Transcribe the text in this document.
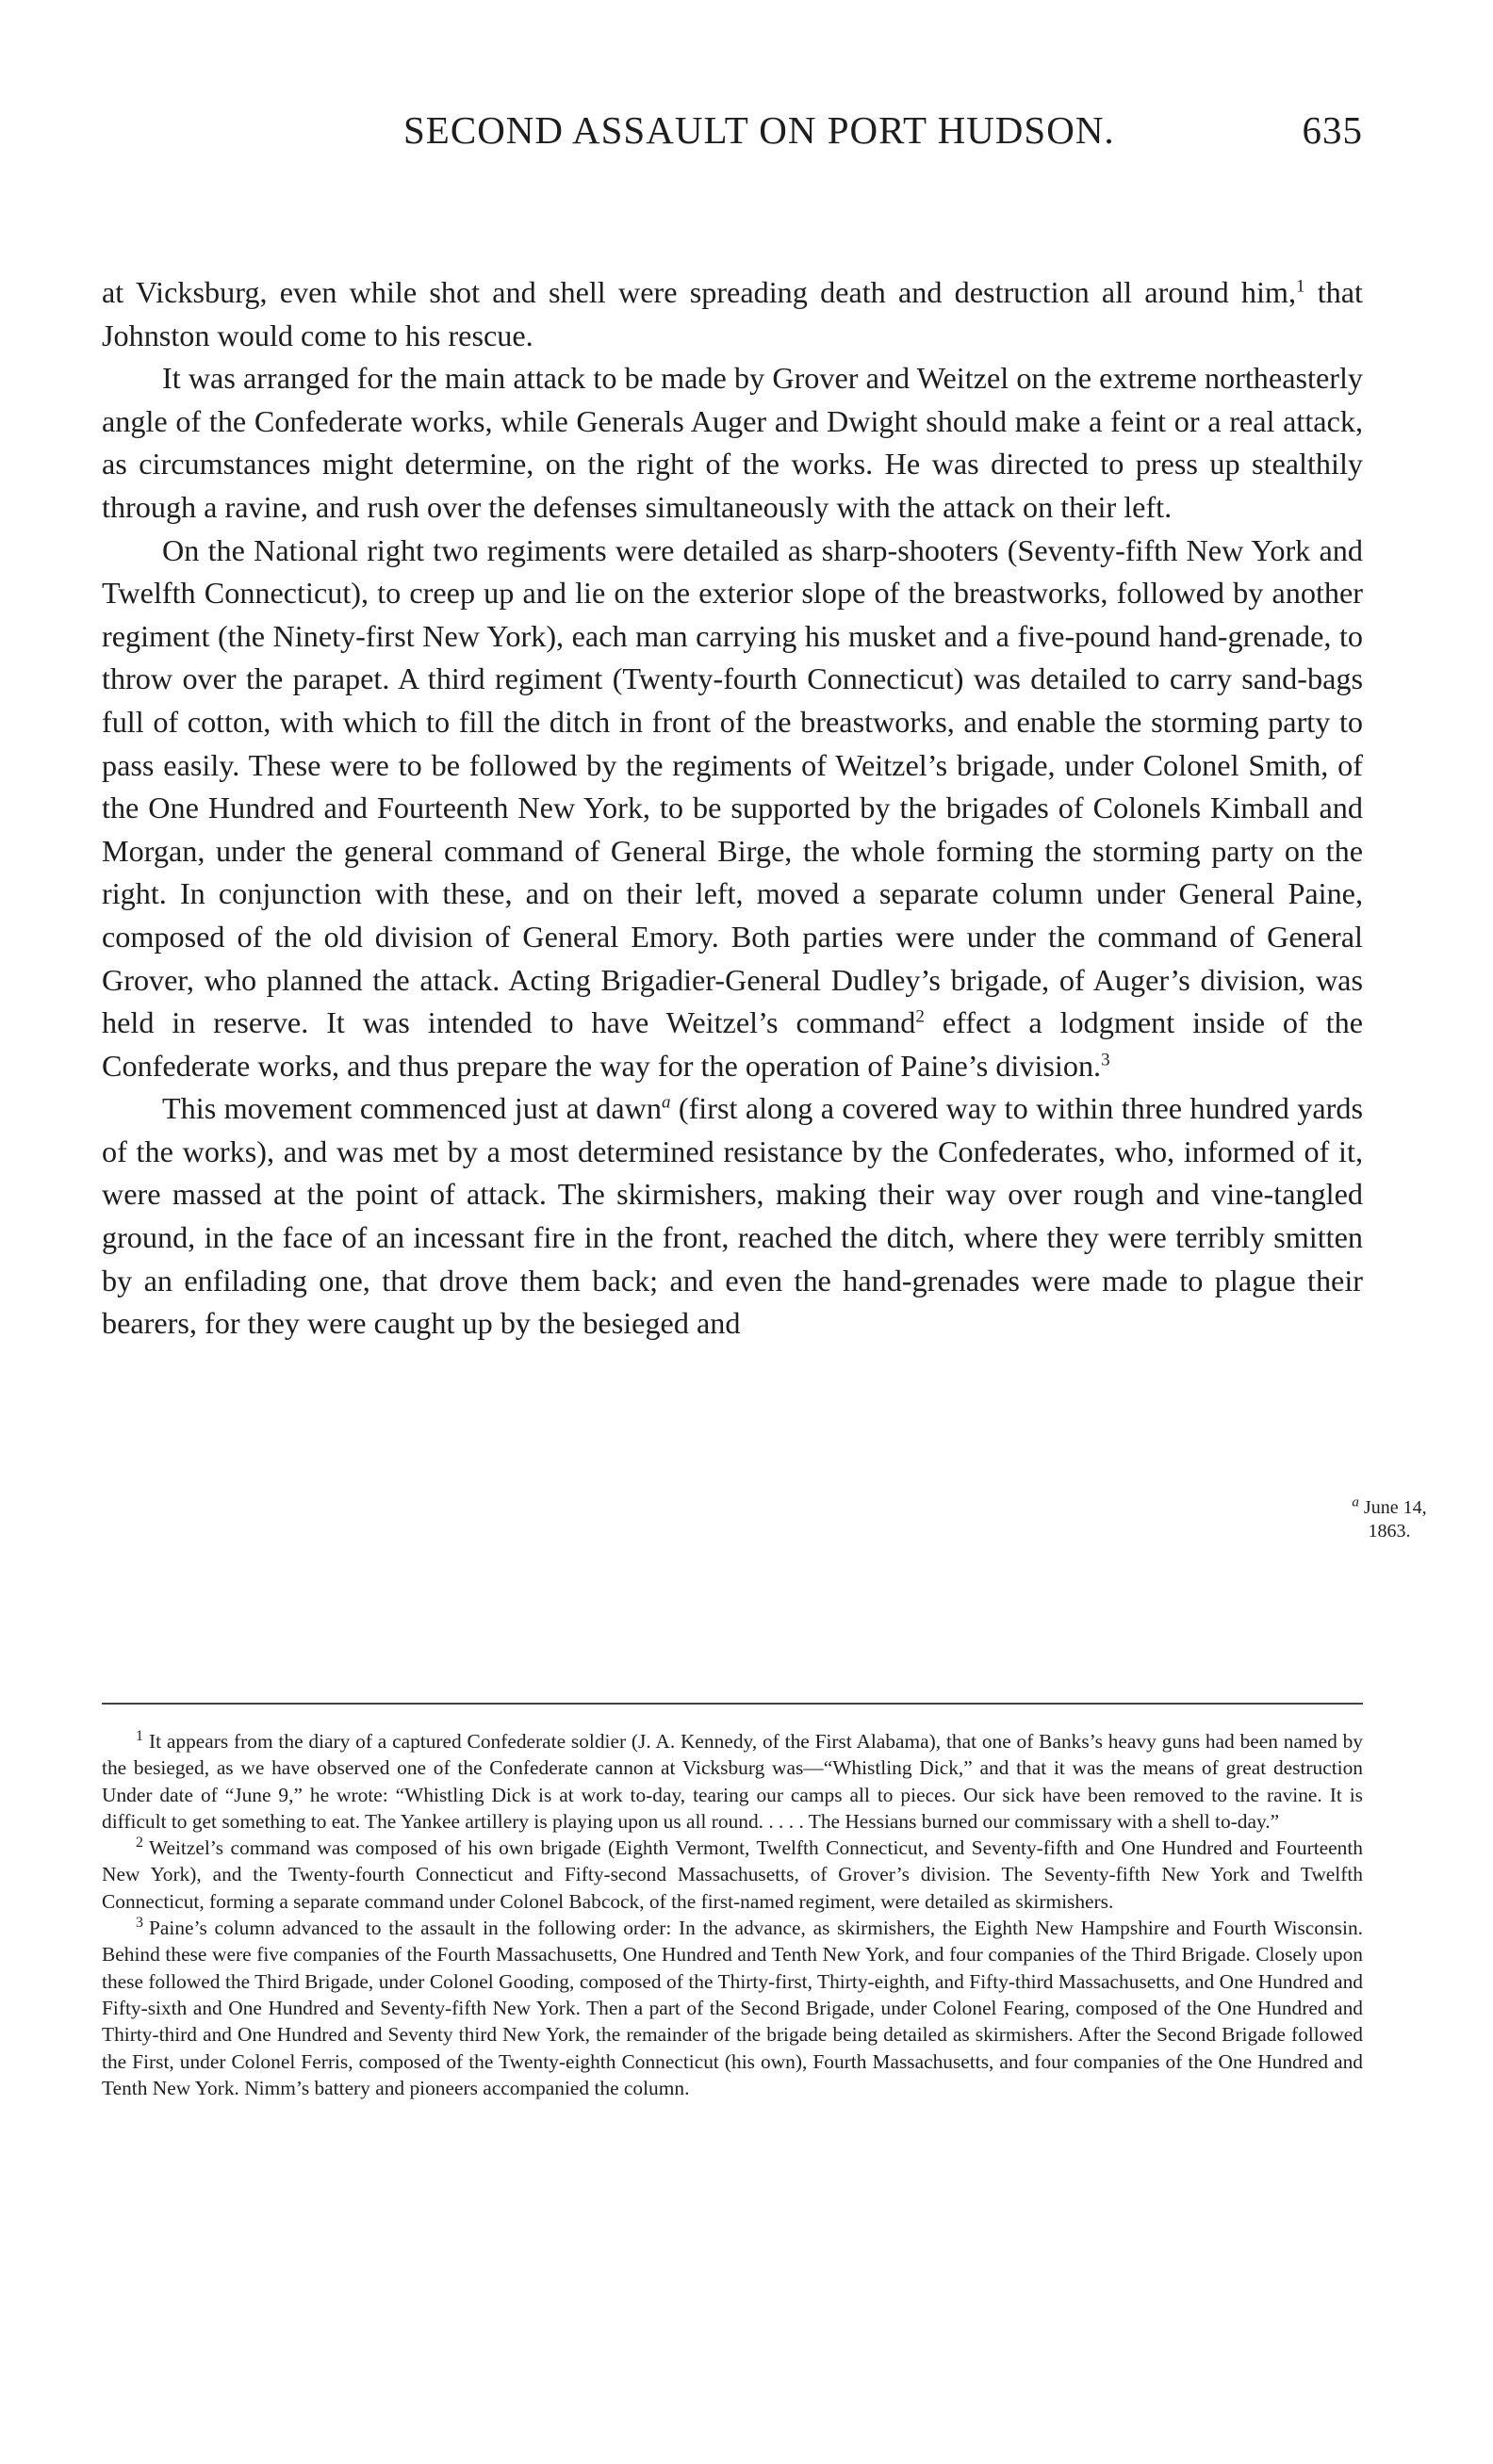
SECOND ASSAULT ON PORT HUDSON.	635

at Vicksburg, even while shot and shell were spreading death and destruction all around him,$^1$ that Johnston would come to his rescue.

It was arranged for the main attack to be made by Grover and Weitzel on the extreme northeasterly angle of the Confederate works, while Generals Auger and Dwight should make a feint or a real attack, as circumstances might determine, on the right of the works. He was directed to press up stealthily through a ravine, and rush over the defenses simultaneously with the attack on their left.

On the National right two regiments were detailed as sharp-shooters (Seventy-fifth New York and Twelfth Connecticut), to creep up and lie on the exterior slope of the breastworks, followed by another regiment (the Ninety-first New York), each man carrying his musket and a five-pound hand-grenade, to throw over the parapet. A third regiment (Twenty-fourth Connecticut) was detailed to carry sand-bags full of cotton, with which to fill the ditch in front of the breastworks, and enable the storming party to pass easily. These were to be followed by the regiments of Weitzel’s brigade, under Colonel Smith, of the One Hundred and Fourteenth New York, to be supported by the brigades of Colonels Kimball and Morgan, under the general command of General Birge, the whole forming the storming party on the right. In conjunction with these, and on their left, moved a separate column under General Paine, composed of the old division of General Emory. Both parties were under the command of General Grover, who planned the attack. Acting Brigadier-General Dudley’s brigade, of Auger’s division, was held in reserve. It was intended to have Weitzel’s command$^2$ effect a lodgment inside of the Confederate works, and thus prepare the way for the operation of Paine’s division.$^3$

This movement commenced just at dawn$^a$ (first along a covered way to within three hundred yards of the works), and was met by a most determined resistance by the Confederates, who, informed of it, were massed at the point of attack. The skirmishers, making their way over rough and vine-tangled ground, in the face of an incessant fire in the front, reached the ditch, where they were terribly smitten by an enfilading one, that drove them back; and even the hand-grenades were made to plague their bearers, for they were caught up by the besieged and

$^a$ June 14,
1863.

$^1$ It appears from the diary of a captured Confederate soldier (J. A. Kennedy, of the First Alabama), that one of Banks’s heavy guns had been named by the besieged, as we have observed one of the Confederate cannon at Vicksburg was—“Whistling Dick,” and that it was the means of great destruction Under date of “June 9,” he wrote: “Whistling Dick is at work to-day, tearing our camps all to pieces. Our sick have been removed to the ravine. It is difficult to get something to eat. The Yankee artillery is playing upon us all round. . . . . The Hessians burned our commissary with a shell to-day.”

$^2$ Weitzel’s command was composed of his own brigade (Eighth Vermont, Twelfth Connecticut, and Seventy-fifth and One Hundred and Fourteenth New York), and the Twenty-fourth Connecticut and Fifty-second Massachusetts, of Grover’s division. The Seventy-fifth New York and Twelfth Connecticut, forming a separate command under Colonel Babcock, of the first-named regiment, were detailed as skirmishers.

$^3$ Paine’s column advanced to the assault in the following order: In the advance, as skirmishers, the Eighth New Hampshire and Fourth Wisconsin. Behind these were five companies of the Fourth Massachusetts, One Hundred and Tenth New York, and four companies of the Third Brigade. Closely upon these followed the Third Brigade, under Colonel Gooding, composed of the Thirty-first, Thirty-eighth, and Fifty-third Massachusetts, and One Hundred and Fifty-sixth and One Hundred and Seventy-fifth New York. Then a part of the Second Brigade, under Colonel Fearing, composed of the One Hundred and Thirty-third and One Hundred and Seventy third New York, the remainder of the brigade being detailed as skirmishers. After the Second Brigade followed the First, under Colonel Ferris, composed of the Twenty-eighth Connecticut (his own), Fourth Massachusetts, and four companies of the One Hundred and Tenth New York. Nimm’s battery and pioneers accompanied the column.
